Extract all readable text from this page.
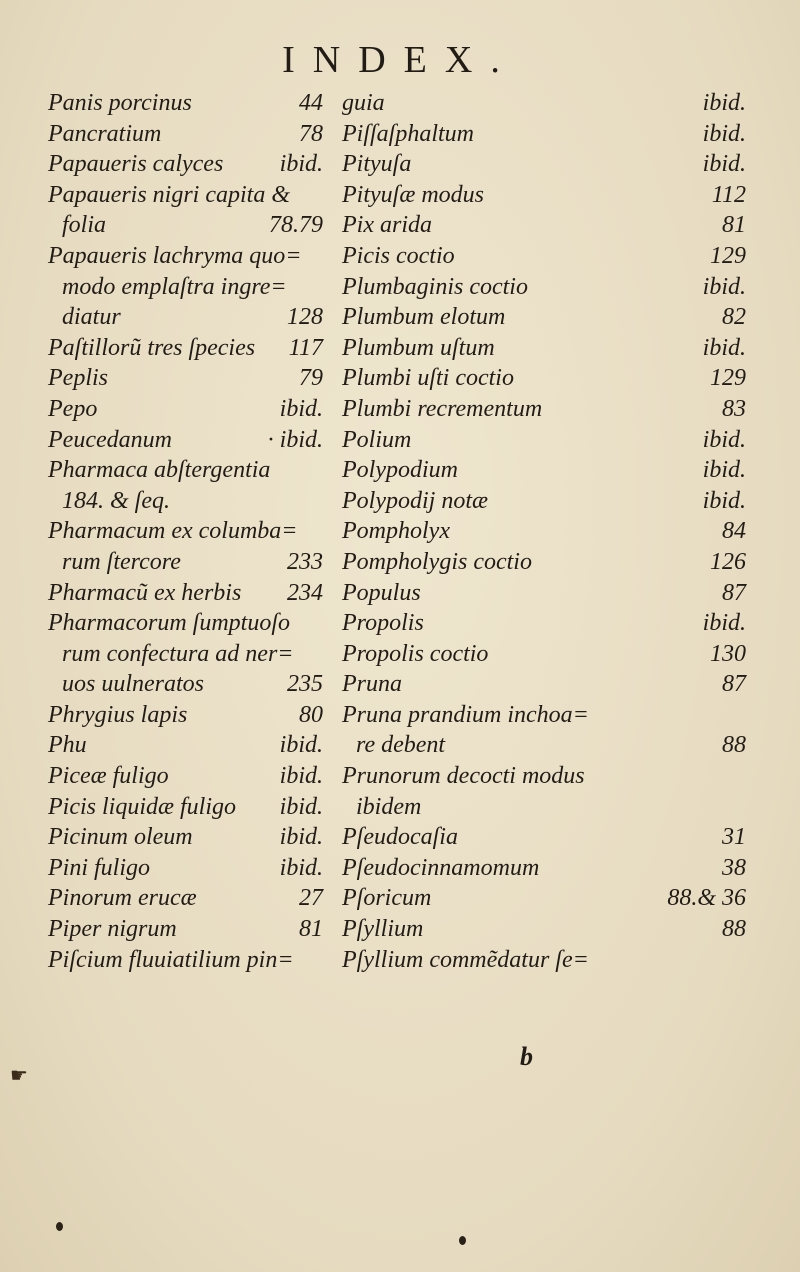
INDEX.
Panis porcinus	44
Pancratium	78
Papaueris calyces ibid.
Papaueris nigri capita &
folia	78.79
Papaueris lachryma quo=
modo emplaſtra ingre=
diatur	128
Paſtillorũ tres ſpecies 117
Peplis	79
Pepo	ibid.
Peucedanum	· ibid.
Pharmaca abſtergentia
184. & ſeq.
Pharmacum ex columba=
rum ſtercore	233
Pharmacũ ex herbis 234
Pharmacorum ſumptuoſo
rum confectura ad ner=
uos uulneratos	235
Phrygius lapis	80
Phu	ibid.
Piceæ fuligo	ibid.
Picis liquidæ fuligo ibid.
Picinum oleum	ibid.
Pini fuligo	ibid.
Pinorum erucæ	27
Piper nigrum	81
Piſcium fluuiatilium pin=
guia	ibid.
Piſſaſphaltum	ibid.
Pityuſa	ibid.
Pityuſæ modus	112
Pix arida	81
Picis coctio	129
Plumbaginis coctio	ibid.
Plumbum elotum	82
Plumbum uſtum	ibid.
Plumbi uſti coctio	129
Plumbi recrementum	83
Polium	ibid.
Polypodium	ibid.
Polypodij notæ	ibid.
Pompholyx	84
Pompholygis coctio	126
Populus	87
Propolis	ibid.
Propolis coctio	130
Pruna	87
Pruna prandium inchoa=
re debent	88
Prunorum decocti modus
ibidem
Pſeudocaſia	31
Pſeudocinnamomum	38
Pſoricum	88.& 36
Pſyllium	88
Pſyllium commẽdatur ſe=
☛
b
